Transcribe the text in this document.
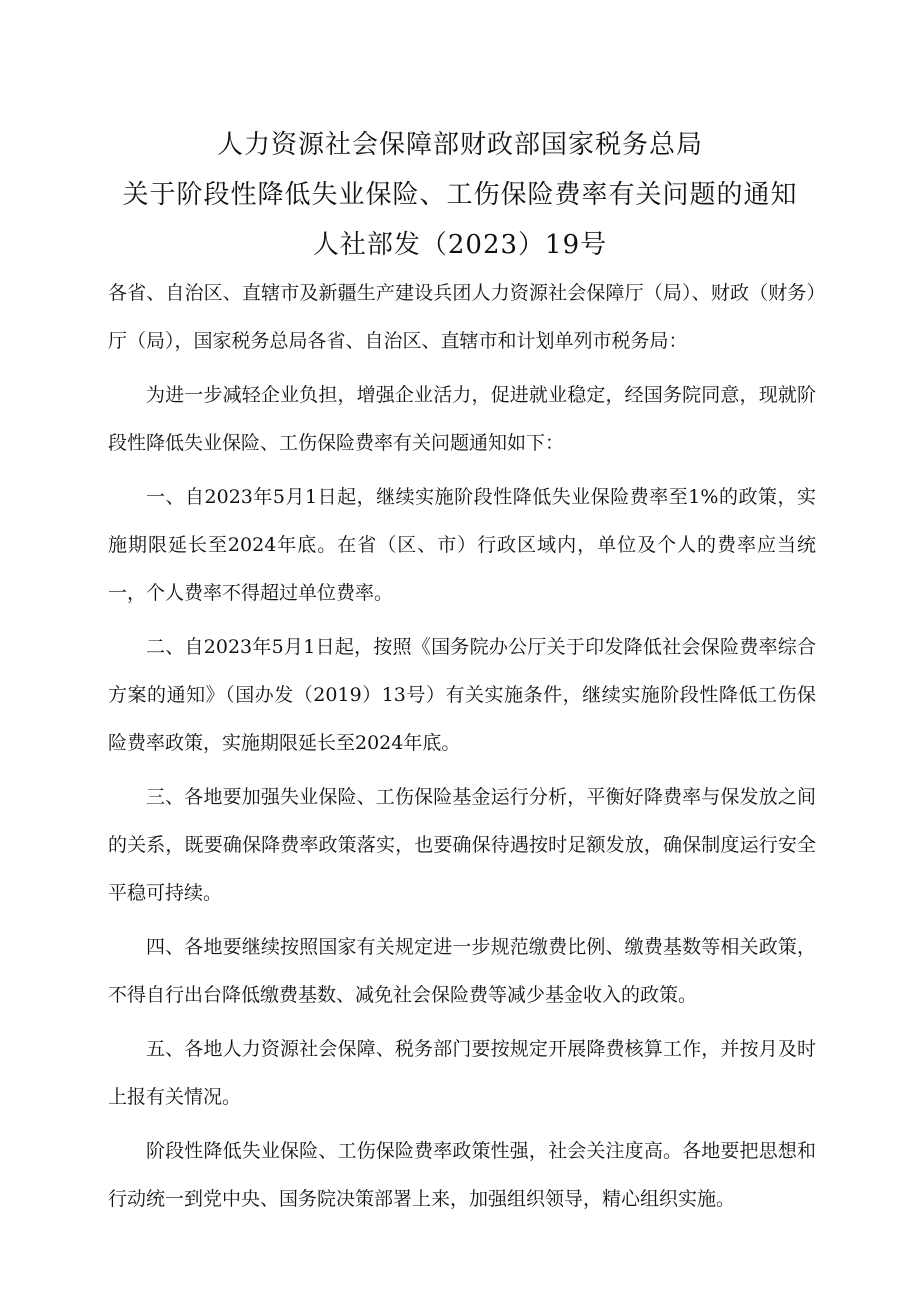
人力资源社会保障部财政部国家税务总局
关于阶段性降低失业保险、工伤保险费率有关问题的通知
人社部发（2023）19号

各省、自治区、直辖市及新疆生产建设兵团人力资源社会保障厅（局）、财政（财务）厅（局），国家税务总局各省、自治区、直辖市和计划单列市税务局：

为进一步减轻企业负担，增强企业活力，促进就业稳定，经国务院同意，现就阶段性降低失业保险、工伤保险费率有关问题通知如下：

一、自2023年5月1日起，继续实施阶段性降低失业保险费率至1%的政策，实施期限延长至2024年底。在省（区、市）行政区域内，单位及个人的费率应当统一，个人费率不得超过单位费率。

二、自2023年5月1日起，按照《国务院办公厅关于印发降低社会保险费率综合方案的通知》（国办发（2019）13号）有关实施条件，继续实施阶段性降低工伤保险费率政策，实施期限延长至2024年底。

三、各地要加强失业保险、工伤保险基金运行分析，平衡好降费率与保发放之间的关系，既要确保降费率政策落实，也要确保待遇按时足额发放，确保制度运行安全平稳可持续。

四、各地要继续按照国家有关规定进一步规范缴费比例、缴费基数等相关政策，不得自行出台降低缴费基数、减免社会保险费等减少基金收入的政策。

五、各地人力资源社会保障、税务部门要按规定开展降费核算工作，并按月及时上报有关情况。

阶段性降低失业保险、工伤保险费率政策性强，社会关注度高。各地要把思想和行动统一到党中央、国务院决策部署上来，加强组织领导，精心组织实施。
